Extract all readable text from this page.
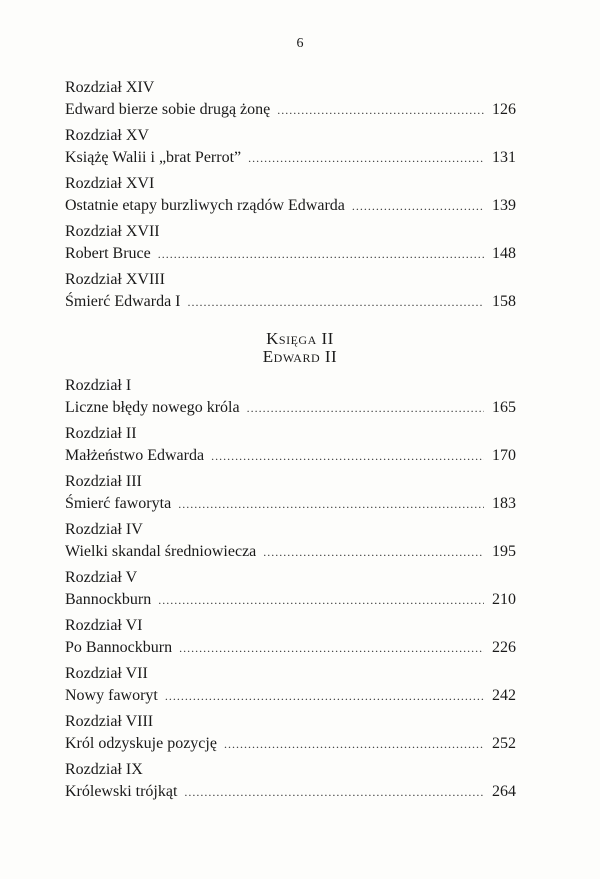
6
Rozdział XIV
Edward bierze sobie drugą żonę .....	126
Rozdział XV
Książę Walii i „brat Perrot” .....	131
Rozdział XVI
Ostatnie etapy burzliwych rządów Edwarda .....	139
Rozdział XVII
Robert Bruce .....	148
Rozdział XVIII
Śmierć Edwarda I .....	158
Księga II
Edward II
Rozdział I
Liczne błędy nowego króla .....	165
Rozdział II
Małżeństwo Edwarda .....	170
Rozdział III
Śmierć faworyta .....	183
Rozdział IV
Wielki skandal średniowiecza .....	195
Rozdział V
Bannockburn .....	210
Rozdział VI
Po Bannockburn .....	226
Rozdział VII
Nowy faworyt .....	242
Rozdział VIII
Król odzyskuje pozycję .....	252
Rozdział IX
Królewski trójkąt .....	264
